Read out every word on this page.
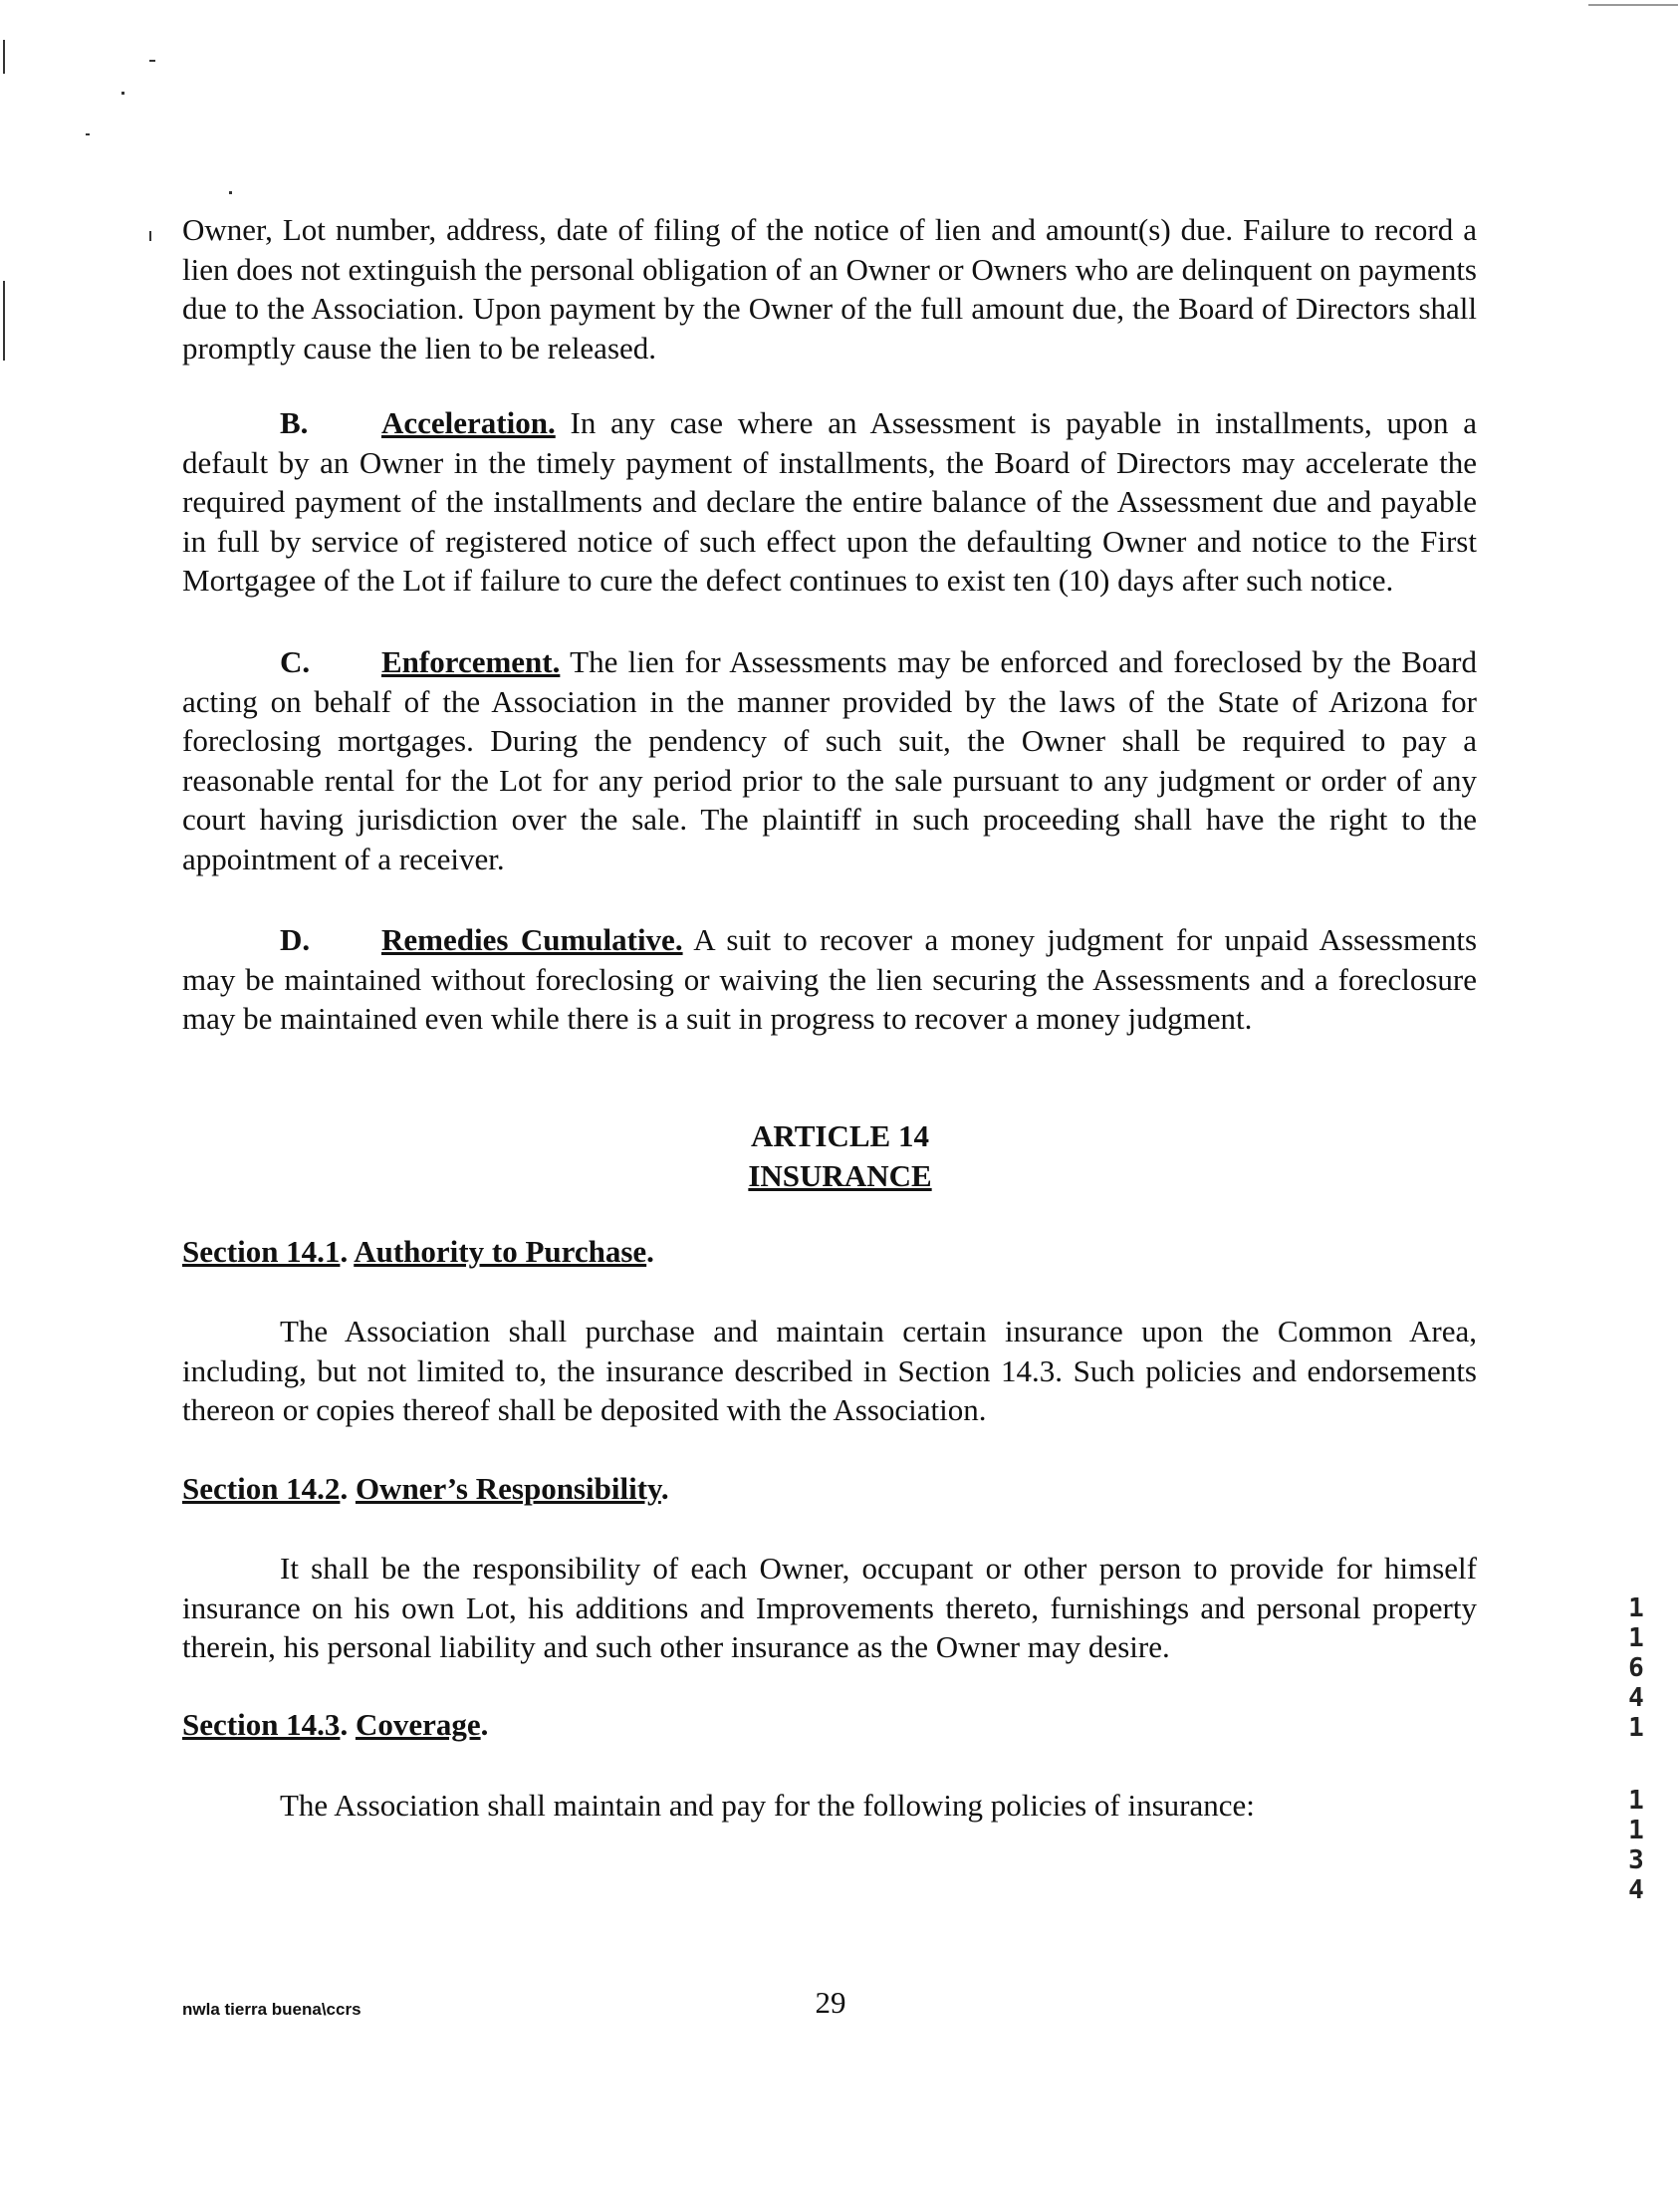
Owner, Lot number, address, date of filing of the notice of lien and amount(s) due. Failure to record a lien does not extinguish the personal obligation of an Owner or Owners who are delinquent on payments due to the Association. Upon payment by the Owner of the full amount due, the Board of Directors shall promptly cause the lien to be released.

B. Acceleration. In any case where an Assessment is payable in installments, upon a default by an Owner in the timely payment of installments, the Board of Directors may accelerate the required payment of the installments and declare the entire balance of the Assessment due and payable in full by service of registered notice of such effect upon the defaulting Owner and notice to the First Mortgagee of the Lot if failure to cure the defect continues to exist ten (10) days after such notice.

C. Enforcement. The lien for Assessments may be enforced and foreclosed by the Board acting on behalf of the Association in the manner provided by the laws of the State of Arizona for foreclosing mortgages. During the pendency of such suit, the Owner shall be required to pay a reasonable rental for the Lot for any period prior to the sale pursuant to any judgment or order of any court having jurisdiction over the sale. The plaintiff in such proceeding shall have the right to the appointment of a receiver.

D. Remedies Cumulative. A suit to recover a money judgment for unpaid Assessments may be maintained without foreclosing or waiving the lien securing the Assessments and a foreclosure may be maintained even while there is a suit in progress to recover a money judgment.

ARTICLE 14
INSURANCE
Section 14.1. Authority to Purchase.

The Association shall purchase and maintain certain insurance upon the Common Area, including, but not limited to, the insurance described in Section 14.3. Such policies and endorsements thereon or copies thereof shall be deposited with the Association.

Section 14.2. Owner’s Responsibility.

It shall be the responsibility of each Owner, occupant or other person to provide for himself insurance on his own Lot, his additions and Improvements thereto, furnishings and personal property therein, his personal liability and such other insurance as the Owner may desire.

Section 14.3. Coverage.

The Association shall maintain and pay for the following policies of insurance:

nwla tierra buena\ccrs	29
1
1
6
4
1
1
1
3
4
